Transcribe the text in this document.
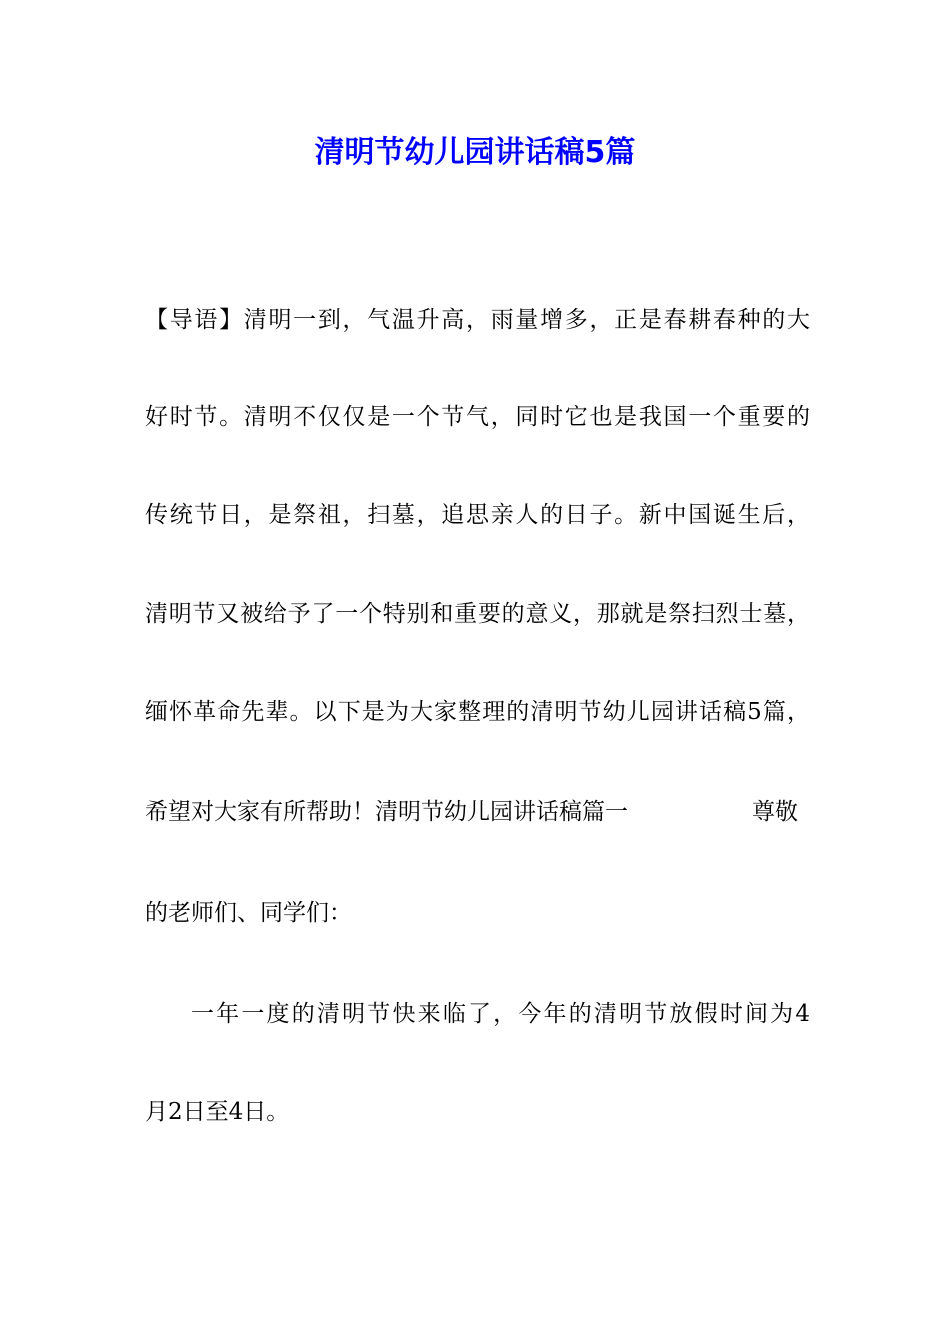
清明节幼儿园讲话稿5篇

【导语】清明一到，气温升高，雨量增多，正是春耕春种的大

好时节。清明不仅仅是一个节气，同时它也是我国一个重要的

传统节日，是祭祖，扫墓，追思亲人的日子。新中国诞生后，

清明节又被给予了一个特别和重要的意义，那就是祭扫烈士墓，

缅怀革命先辈。以下是为大家整理的清明节幼儿园讲话稿5篇，

希望对大家有所帮助！清明节幼儿园讲话稿篇一	尊敬

的老师们、同学们：

一年一度的清明节快来临了，今年的清明节放假时间为4

月2日至4日。
